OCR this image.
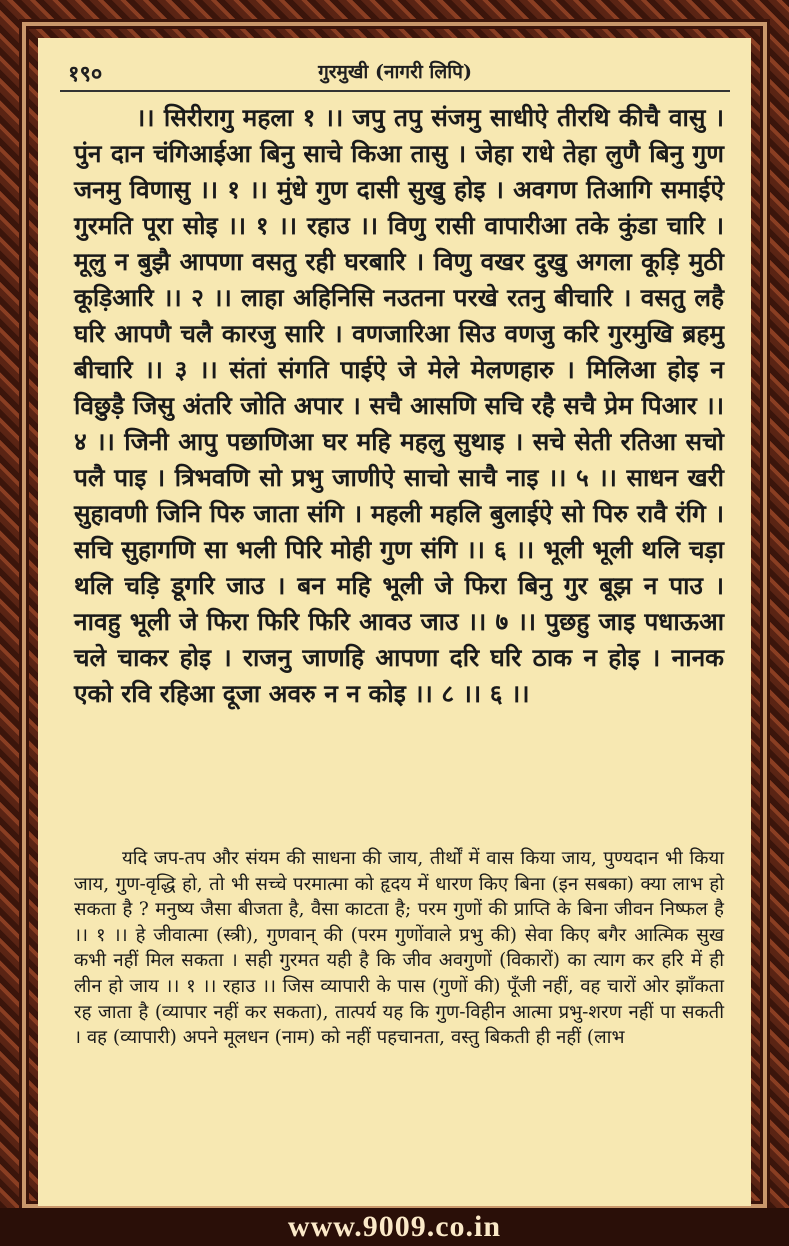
१९०	गुरमुखी (नागरी लिपि)
।। सिरीरागु महला १ ।। जपु तपु संजमु साधीऐ तीरथि कीचै वासु । पुंन दान चंगिआईआ बिनु साचे किआ तासु । जेहा राधे तेहा लुणै बिनु गुण जनमु विणासु ।। १ ।। मुंधे गुण दासी सुखु होइ । अवगण तिआगि समाईऐ गुरमति पूरा सोइ ।। १ ।। रहाउ ।। विणु रासी वापारीआ तके कुंडा चारि । मूलु न बुझै आपणा वसतु रही घरबारि । विणु वखर दुखु अगला कूड़ि मुठी कूड़िआरि ।। २ ।। लाहा अहिनिसि नउतना परखे रतनु बीचारि । वसतु लहै घरि आपणै चलै कारजु सारि । वणजारिआ सिउ वणजु करि गुरमुखि ब्रहमु बीचारि ।। ३ ।। संतां संगति पाईऐ जे मेले मेलणहारु । मिलिआ होइ न विछुड़ै जिसु अंतरि जोति अपार । सचै आसणि सचि रहै सचै प्रेम पिआर ।। ४ ।। जिनी आपु पछाणिआ घर महि महलु सुथाइ । सचे सेती रतिआ सचो पलै पाइ । त्रिभवणि सो प्रभु जाणीऐ साचो साचै नाइ ।। ५ ।। साधन खरी सुहावणी जिनि पिरु जाता संगि । महली महलि बुलाईऐ सो पिरु रावै रंगि । सचि सुहागणि सा भली पिरि मोही गुण संगि ।। ६ ।। भूली भूली थलि चड़ा थलि चड़ि डूगरि जाउ । बन महि भूली जे फिरा बिनु गुर बूझ न पाउ । नावहु भूली जे फिरा फिरि फिरि आवउ जाउ ।। ७ ।। पुछहु जाइ पधाऊआ चले चाकर होइ । राजनु जाणहि आपणा दरि घरि ठाक न होइ । नानक एको रवि रहिआ दूजा अवरु न न कोइ ।। ८ ।। ६ ।।
यदि जप-तप और संयम की साधना की जाय, तीर्थों में वास किया जाय, पुण्यदान भी किया जाय, गुण-वृद्धि हो, तो भी सच्चे परमात्मा को हृदय में धारण किए बिना (इन सबका) क्या लाभ हो सकता है ? मनुष्य जैसा बीजता है, वैसा काटता है; परम गुणों की प्राप्ति के बिना जीवन निष्फल है ।। १ ।। हे जीवात्मा (स्त्री), गुणवान् की (परम गुणोंवाले प्रभु की) सेवा किए बगैर आत्मिक सुख कभी नहीं मिल सकता । सही गुरमत यही है कि जीव अवगुणों (विकारों) का त्याग कर हरि में ही लीन हो जाय ।। १ ।। रहाउ ।। जिस व्यापारी के पास (गुणों की) पूँजी नहीं, वह चारों ओर झाँकता रह जाता है (व्यापार नहीं कर सकता), तात्पर्य यह कि गुण-विहीन आत्मा प्रभु-शरण नहीं पा सकती । वह (व्यापारी) अपने मूलधन (नाम) को नहीं पहचानता, वस्तु बिकती ही नहीं (लाभ
www.9009.co.in
